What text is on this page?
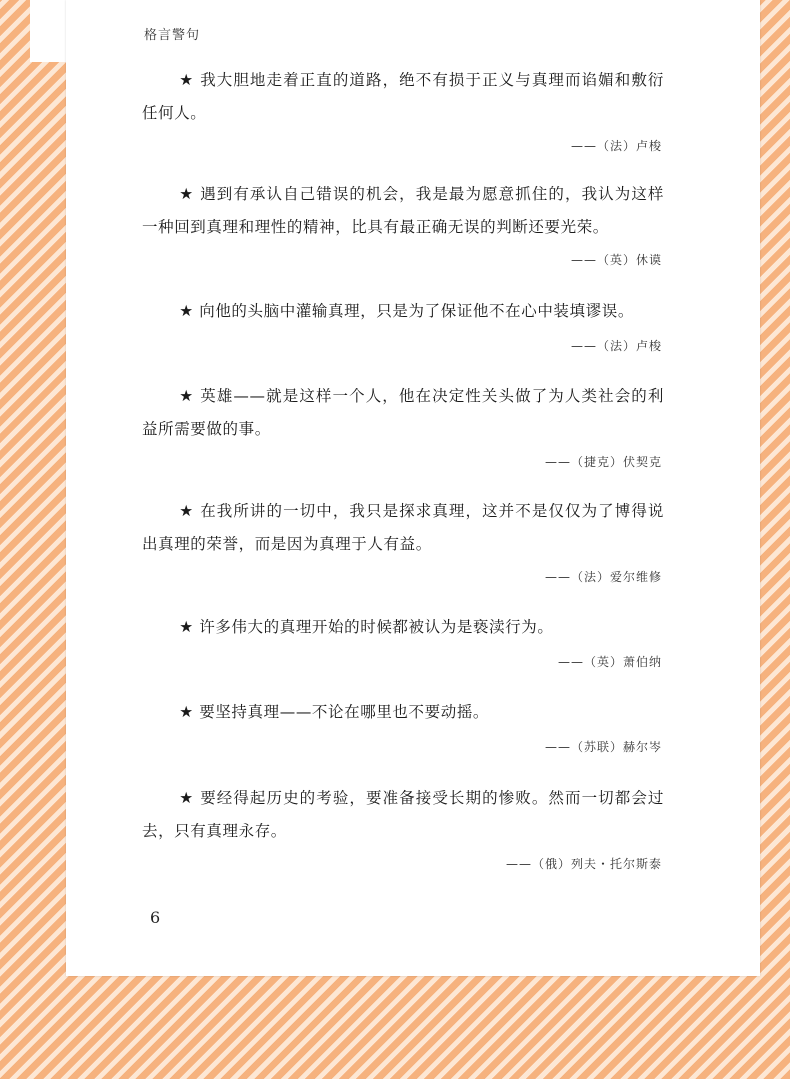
格言警句
★ 我大胆地走着正直的道路，绝不有损于正义与真理而谄媚和敷衍任何人。
——（法）卢梭
★ 遇到有承认自己错误的机会，我是最为愿意抓住的，我认为这样一种回到真理和理性的精神，比具有最正确无误的判断还要光荣。
——（英）休谟
★ 向他的头脑中灌输真理，只是为了保证他不在心中装填谬误。
——（法）卢梭
★ 英雄——就是这样一个人，他在决定性关头做了为人类社会的利益所需要做的事。
——（捷克）伏契克
★ 在我所讲的一切中，我只是探求真理，这并不是仅仅为了博得说出真理的荣誉，而是因为真理于人有益。
——（法）爱尔维修
★ 许多伟大的真理开始的时候都被认为是亵渎行为。
——（英）萧伯纳
★ 要坚持真理——不论在哪里也不要动摇。
——（苏联）赫尔岑
★ 要经得起历史的考验，要准备接受长期的惨败。然而一切都会过去，只有真理永存。
——（俄）列夫・托尔斯泰
6
